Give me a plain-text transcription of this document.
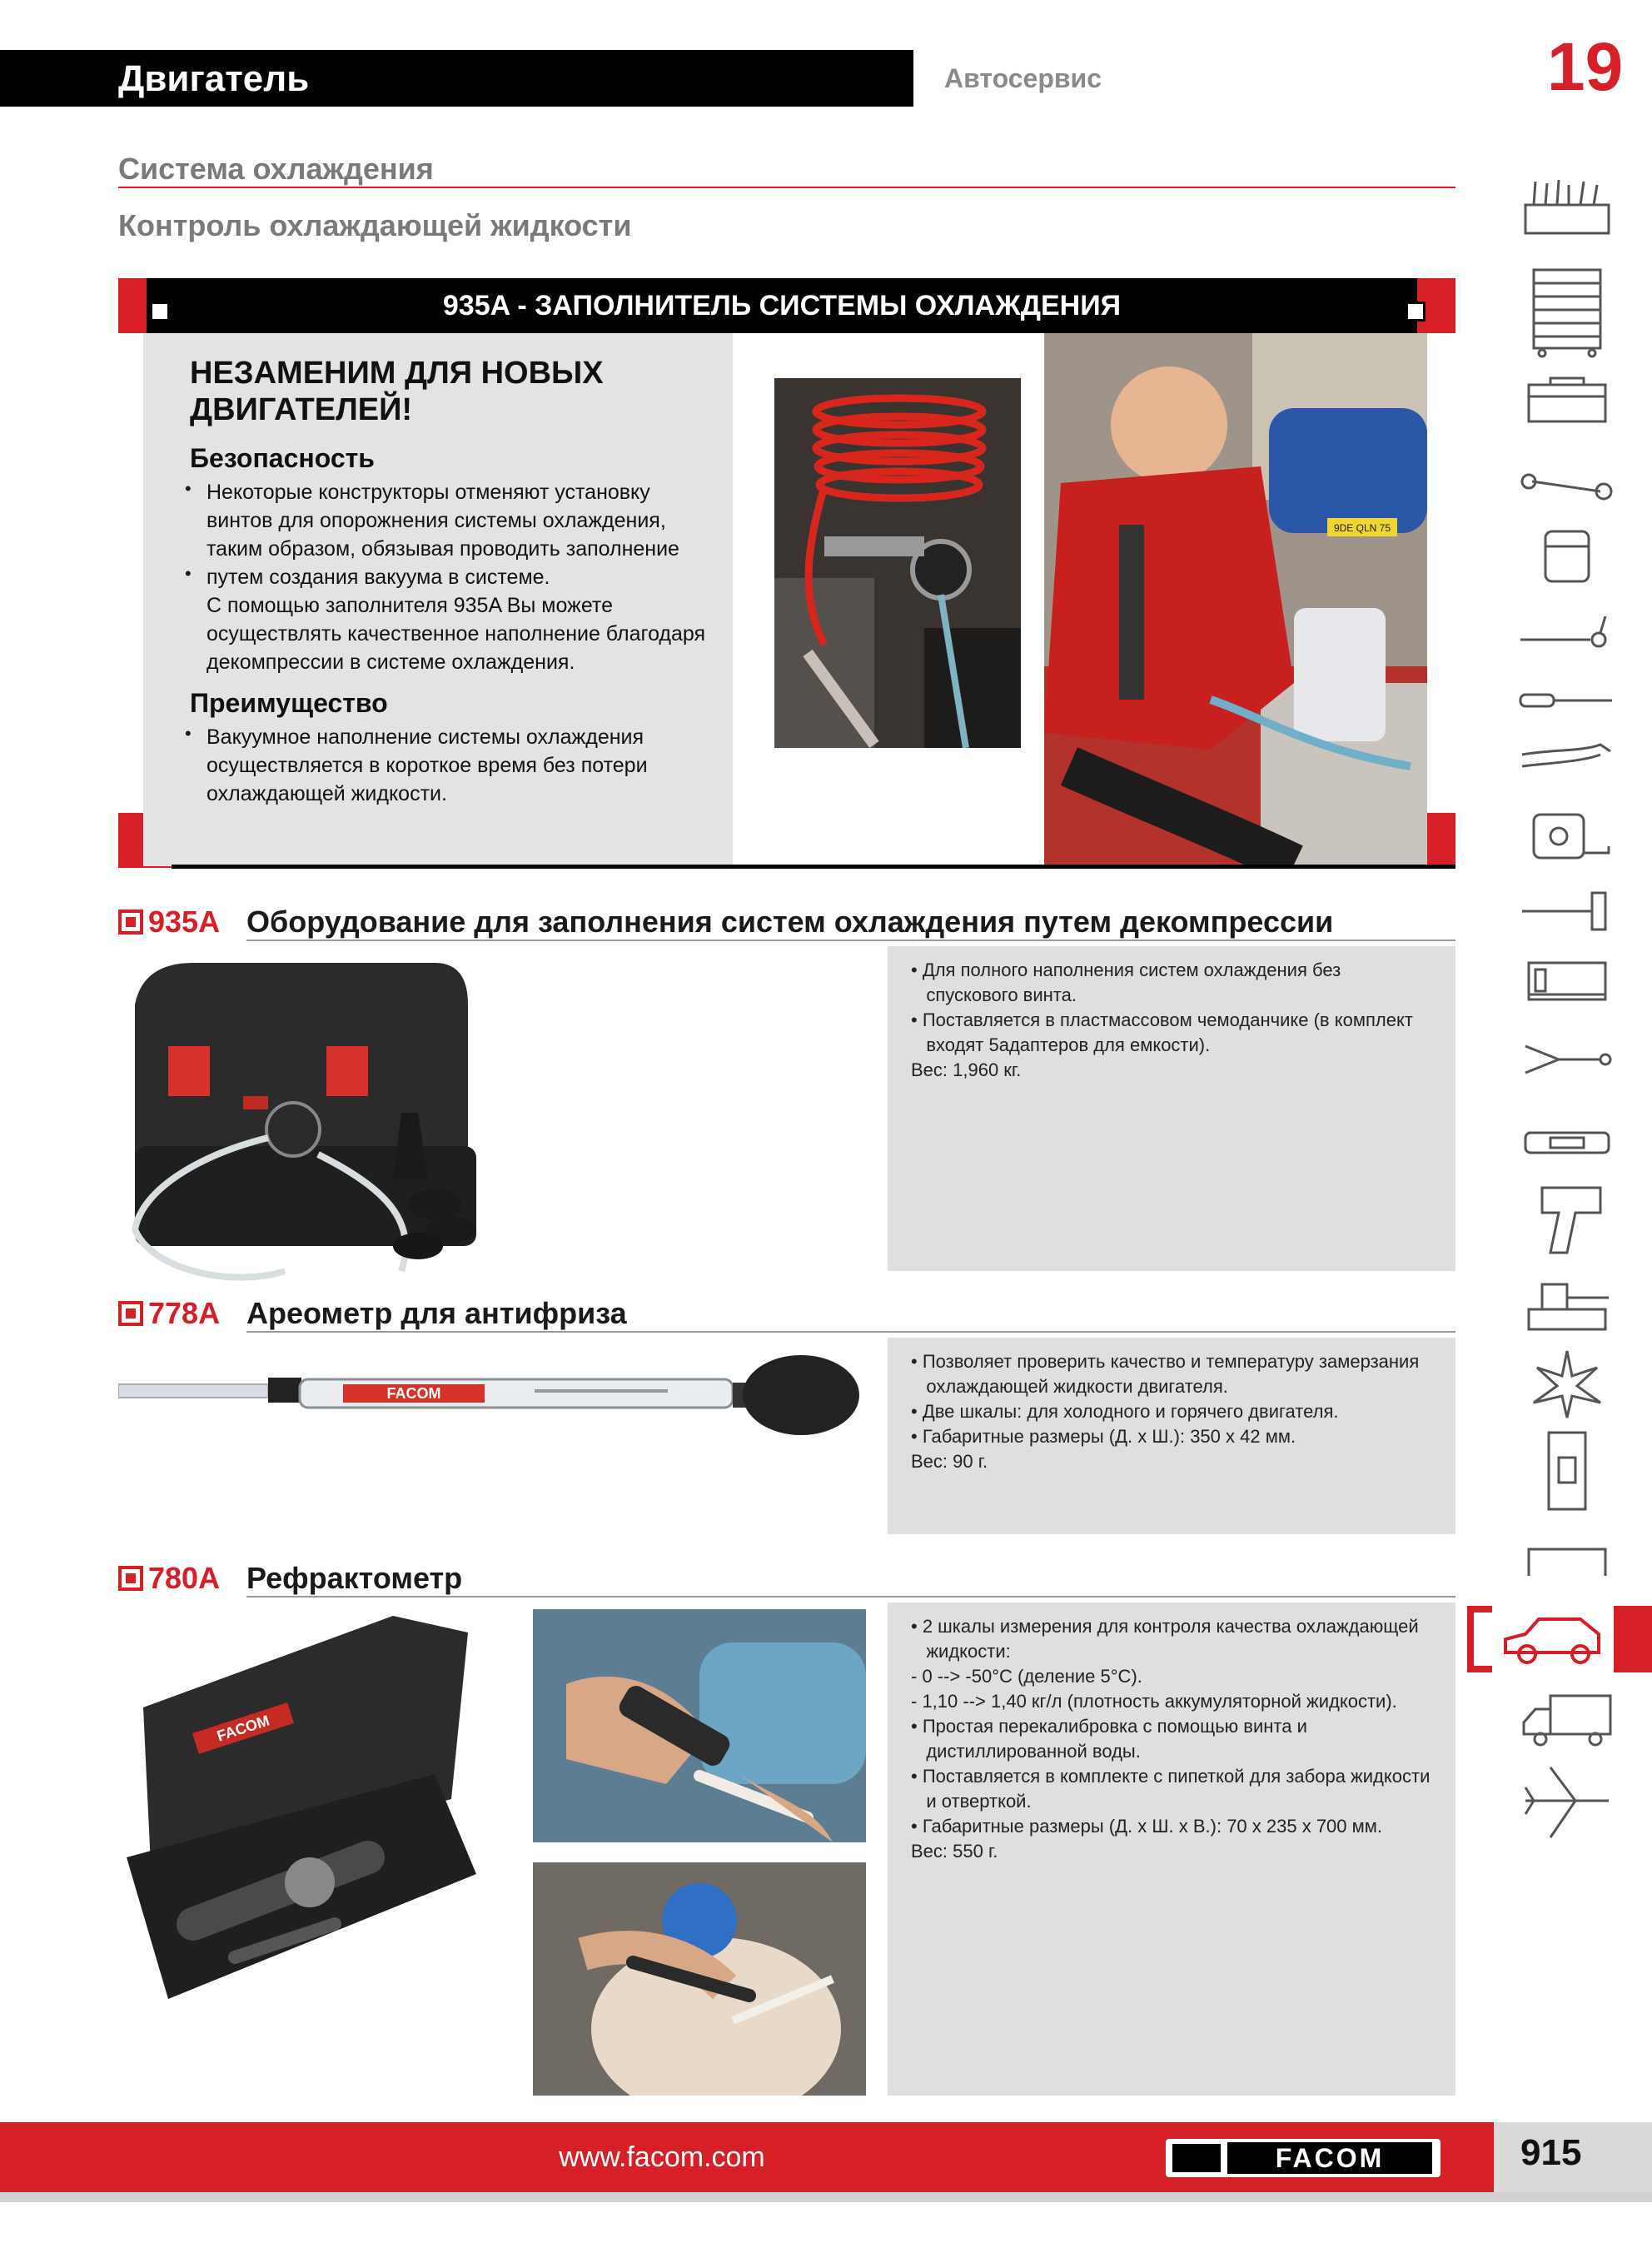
Двигатель	Автосервис	19
Система охлаждения
Контроль охлаждающей жидкости
935A - ЗАПОЛНИТЕЛЬ СИСТЕМЫ ОХЛАЖДЕНИЯ
НЕЗАМЕНИМ ДЛЯ НОВЫХ ДВИГАТЕЛЕЙ!
Безопасность
•
•
Некоторые конструкторы отменяют установку
винтов для опорожнения системы охлаждения,
таким образом, обязывая проводить заполнение
путем создания вакуума в системе.
С помощью заполнителя 935A Вы можете
осуществлять качественное наполнение благодаря
декомпрессии в системе охлаждения.
Преимущество
• Вакуумное наполнение системы охлаждения
осуществляется в короткое время без потери
охлаждающей жидкости.
9DE QLN 75
935A Оборудование для заполнения систем охлаждения путем декомпрессии
• Для полного наполнения систем охлаждения без
спускового винта.
• Поставляется в пластмассовом чемоданчике (в комплект
входят 5адаптеров для емкости).
Вес: 1,960 кг.
778A Ареометр для антифриза
FACOM
• Позволяет проверить качество и температуру замерзания
охлаждающей жидкости двигателя.
• Две шкалы: для холодного и горячего двигателя.
• Габаритные размеры (Д. х Ш.): 350 х 42 мм.
Вес: 90 г.
780A Рефрактометр
FACOM
• 2 шкалы измерения для контроля качества охлаждающей
жидкости:
- 0 --> -50°C (деление 5°C).
- 1,10 --> 1,40 кг/л (плотность аккумуляторной жидкости).
• Простая перекалибровка с помощью винта и
дистиллированной воды.
• Поставляется в комплекте с пипеткой для забора жидкости
и отверткой.
• Габаритные размеры (Д. х Ш. х В.): 70 х 235 х 700 мм.
Вес: 550 г.
www.facom.com	FACOM	915
